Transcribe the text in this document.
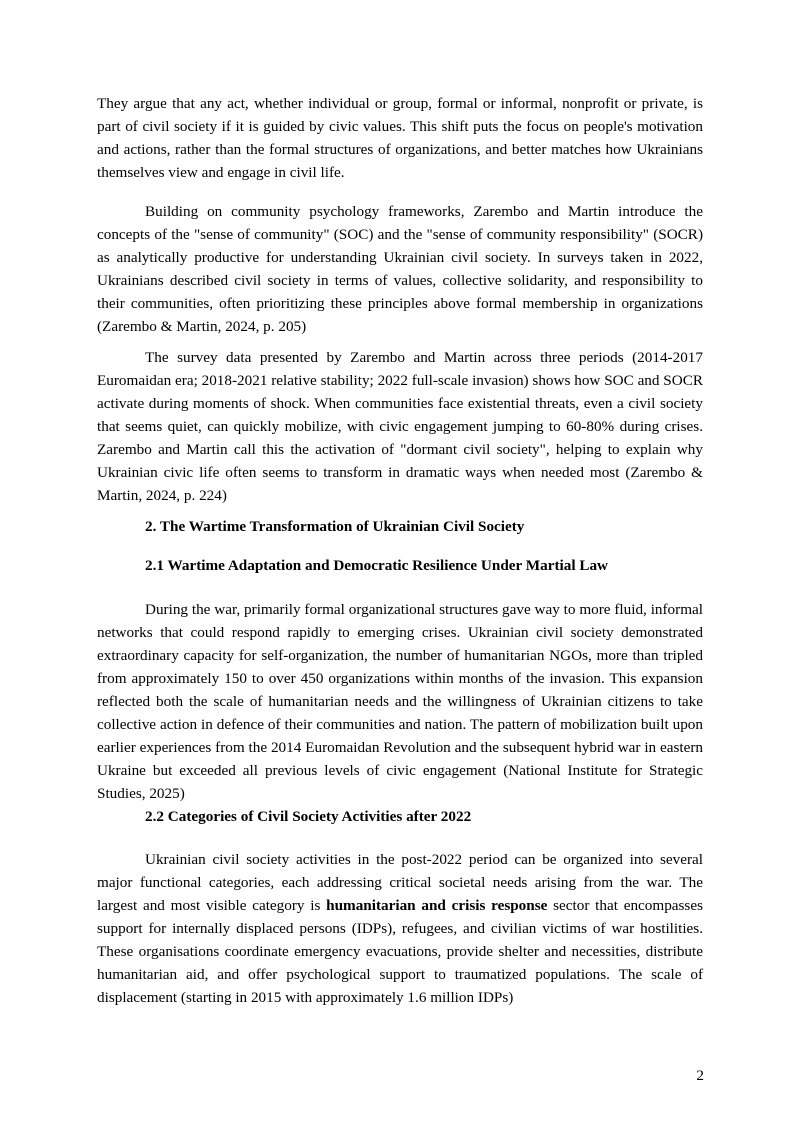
They argue that any act, whether individual or group, formal or informal, nonprofit or private, is part of civil society if it is guided by civic values. This shift puts the focus on people's motivation and actions, rather than the formal structures of organizations, and better matches how Ukrainians themselves view and engage in civil life.

Building on community psychology frameworks, Zarembo and Martin introduce the concepts of the "sense of community" (SOC) and the "sense of community responsibility" (SOCR) as analytically productive for understanding Ukrainian civil society. In surveys taken in 2022, Ukrainians described civil society in terms of values, collective solidarity, and responsibility to their communities, often prioritizing these principles above formal membership in organizations (Zarembo & Martin, 2024, p. 205)

The survey data presented by Zarembo and Martin across three periods (2014-2017 Euromaidan era; 2018-2021 relative stability; 2022 full-scale invasion) shows how SOC and SOCR activate during moments of shock. When communities face existential threats, even a civil society that seems quiet, can quickly mobilize, with civic engagement jumping to 60-80% during crises. Zarembo and Martin call this the activation of "dormant civil society", helping to explain why Ukrainian civic life often seems to transform in dramatic ways when needed most (Zarembo & Martin, 2024, p. 224)

2. The Wartime Transformation of Ukrainian Civil Society
2.1 Wartime Adaptation and Democratic Resilience Under Martial Law

During the war, primarily formal organizational structures gave way to more fluid, informal networks that could respond rapidly to emerging crises. Ukrainian civil society demonstrated extraordinary capacity for self-organization, the number of humanitarian NGOs, more than tripled from approximately 150 to over 450 organizations within months of the invasion. This expansion reflected both the scale of humanitarian needs and the willingness of Ukrainian citizens to take collective action in defence of their communities and nation. The pattern of mobilization built upon earlier experiences from the 2014 Euromaidan Revolution and the subsequent hybrid war in eastern Ukraine but exceeded all previous levels of civic engagement (National Institute for Strategic Studies, 2025)

2.2 Categories of Civil Society Activities after 2022

Ukrainian civil society activities in the post-2022 period can be organized into several major functional categories, each addressing critical societal needs arising from the war. The largest and most visible category is humanitarian and crisis response sector that encompasses support for internally displaced persons (IDPs), refugees, and civilian victims of war hostilities. These organisations coordinate emergency evacuations, provide shelter and necessities, distribute humanitarian aid, and offer psychological support to traumatized populations. The scale of displacement (starting in 2015 with approximately 1.6 million IDPs)

2
